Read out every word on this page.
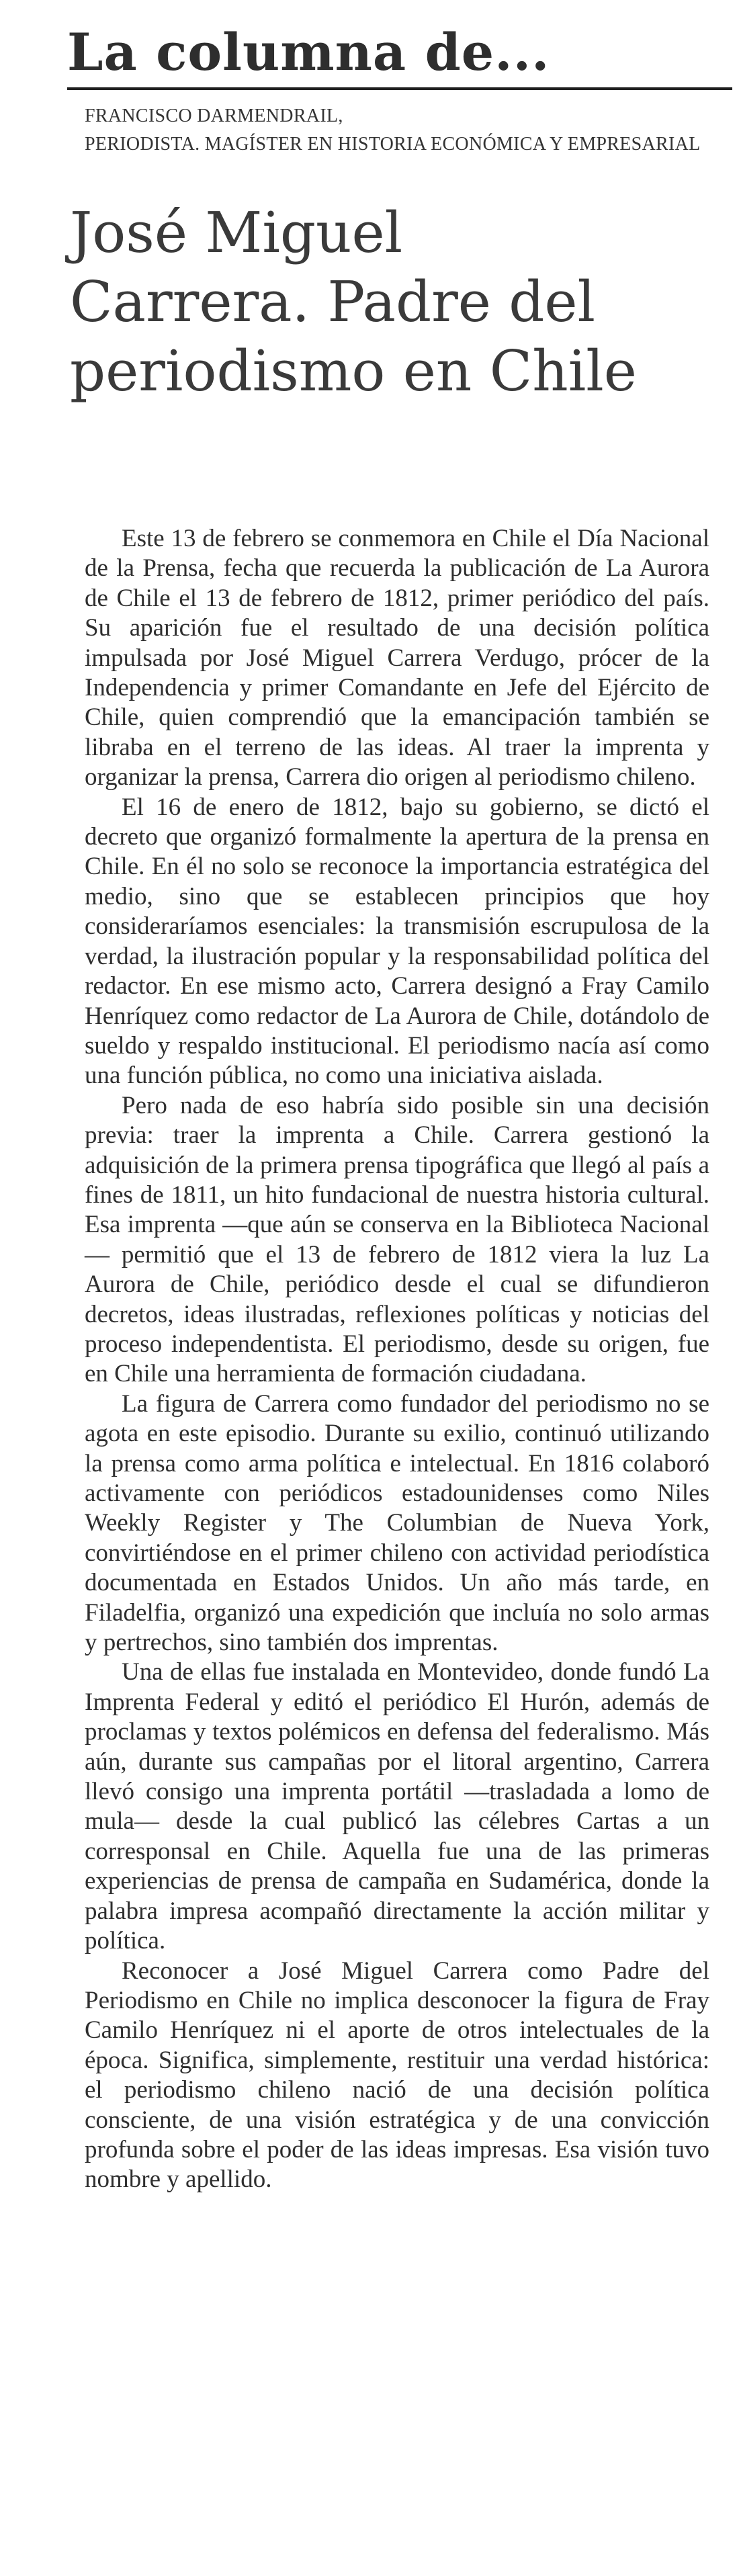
La columna de...
FRANCISCO DARMENDRAIL,
PERIODISTA. MAGÍSTER EN HISTORIA ECONÓMICA Y EMPRESARIAL
José Miguel Carrera. Padre del periodismo en Chile

Este 13 de febrero se conmemora en Chile el Día Nacional de la Prensa, fecha que recuerda la publicación de La Aurora de Chile el 13 de febrero de 1812, primer periódico del país. Su aparición fue el resultado de una decisión política impulsada por José Miguel Carrera Verdugo, prócer de la Independencia y primer Comandante en Jefe del Ejército de Chile, quien comprendió que la emancipación también se libraba en el terreno de las ideas. Al traer la imprenta y organizar la prensa, Carrera dio origen al periodismo chileno.

El 16 de enero de 1812, bajo su gobierno, se dictó el decreto que organizó formalmente la apertura de la prensa en Chile. En él no solo se reconoce la importancia estratégica del medio, sino que se establecen principios que hoy consideraríamos esenciales: la transmisión escrupulosa de la verdad, la ilustración popular y la responsabilidad política del redactor. En ese mismo acto, Carrera designó a Fray Camilo Henríquez como redactor de La Aurora de Chile, dotándolo de sueldo y respaldo institucional. El periodismo nacía así como una función pública, no como una iniciativa aislada.

Pero nada de eso habría sido posible sin una decisión previa: traer la imprenta a Chile. Carrera gestionó la adquisición de la primera prensa tipográfica que llegó al país a fines de 1811, un hito fundacional de nuestra historia cultural. Esa imprenta —que aún se conserva en la Biblioteca Nacional— permitió que el 13 de febrero de 1812 viera la luz La Aurora de Chile, periódico desde el cual se difundieron decretos, ideas ilustradas, reflexiones políticas y noticias del proceso independentista. El periodismo, desde su origen, fue en Chile una herramienta de formación ciudadana.

La figura de Carrera como fundador del periodismo no se agota en este episodio. Durante su exilio, continuó utilizando la prensa como arma política e intelectual. En 1816 colaboró activamente con periódicos estadounidenses como Niles Weekly Register y The Columbian de Nueva York, convirtiéndose en el primer chileno con actividad periodística documentada en Estados Unidos. Un año más tarde, en Filadelfia, organizó una expedición que incluía no solo armas y pertrechos, sino también dos imprentas.

Una de ellas fue instalada en Montevideo, donde fundó La Imprenta Federal y editó el periódico El Hurón, además de proclamas y textos polémicos en defensa del federalismo. Más aún, durante sus campañas por el litoral argentino, Carrera llevó consigo una imprenta portátil —trasladada a lomo de mula— desde la cual publicó las célebres Cartas a un corresponsal en Chile. Aquella fue una de las primeras experiencias de prensa de campaña en Sudamérica, donde la palabra impresa acompañó directamente la acción militar y política.

Reconocer a José Miguel Carrera como Padre del Periodismo en Chile no implica desconocer la figura de Fray Camilo Henríquez ni el aporte de otros intelectuales de la época. Significa, simplemente, restituir una verdad histórica: el periodismo chileno nació de una decisión política consciente, de una visión estratégica y de una convicción profunda sobre el poder de las ideas impresas. Esa visión tuvo nombre y apellido.
